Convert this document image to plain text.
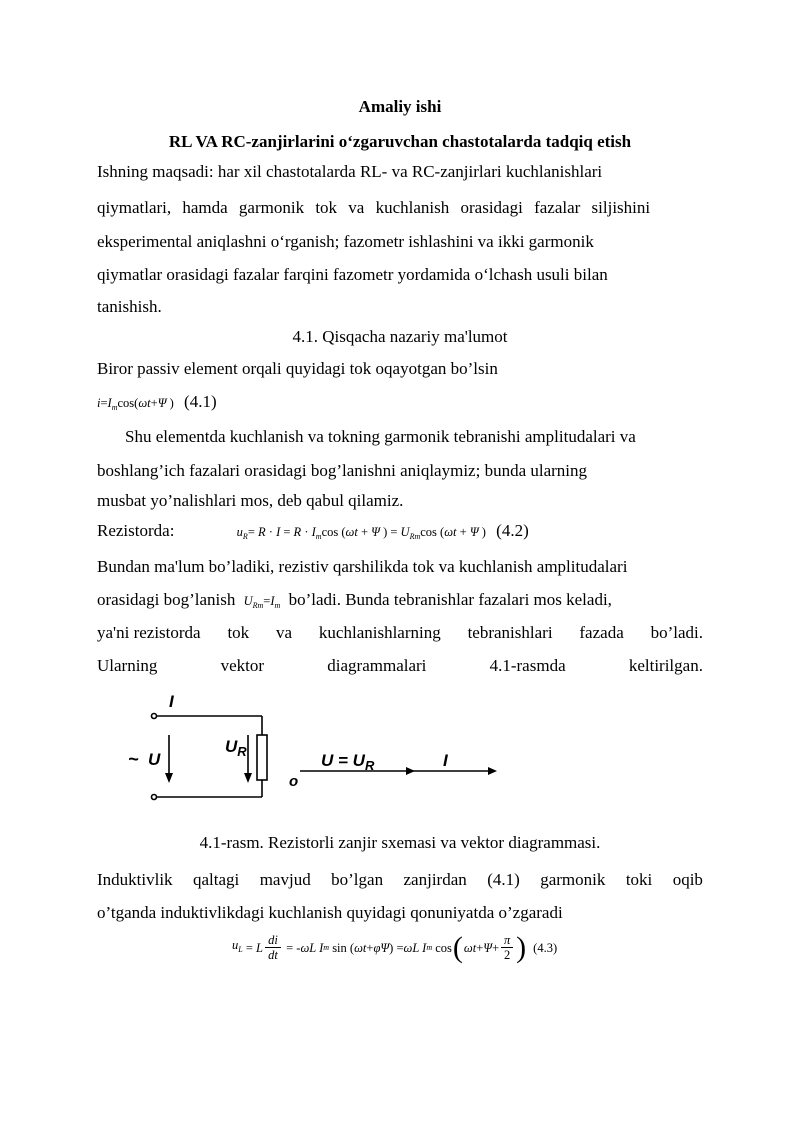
Amaliy ishi
RL VA RC-zanjirlarini o‘zgaruvchan chastotalarda tadqiq etish
Ishning maqsadi: har xil chastotalarda RL- va RC-zanjirlari kuchlanishlari
qiymatlari, hamda garmonik tok va kuchlanish orasidagi fazalar siljishini
eksperimental aniqlashni o‘rganish; fazometr ishlashini va ikki garmonik
qiymatlar orasidagi fazalar farqini fazometr yordamida o‘lchash usuli bilan
tanishish.
4.1. Qisqacha nazariy ma'lumot
Biror passiv element orqali quyidagi tok oqayotgan bo’lsin
$i=I_m\cos(\omega t+\Psi$ ) (4.1)
Shu elementda kuchlanish va tokning garmonik tebranishi amplitudalari va
boshlang’ich fazalari orasidagi bog’lanishni aniqlaymiz; bunda ularning
musbat yo’nalishlari mos, deb qabul qilamiz.
Rezistorda:	$u_R= R \cdot I = R \cdot I_m\cos$ (ωt + Ψ ) = $U_{Rm}\cos$ (ωt + Ψ ) (4.2)
Bundan ma'lum bo’ladiki, rezistiv qarshilikda tok va kuchlanish amplitudalari
orasidagi bog’lanish $U_{Rm}=I_m$ bo’ladi. Bunda tebranishlar fazalari mos keladi,
ya'ni rezistorda tok va kuchlanishlarning tebranishlari fazada bo’ladi.
Ularning	vektor	diagrammalari	4.1-rasmda	keltirilgan.
I
~ U
$U_R$
o
$U = U_R$	I
4.1-rasm. Rezistorli zanjir sxemasi va vektor diagrammasi.
Induktivlik qaltagi mavjud bo’lgan zanjirdan (4.1) garmonik toki oqib
o’tganda induktivlikdagi kuchlanish quyidagi qonuniyatda o’zgaradi
$u_L = L \frac{di}{dt}$ = - ωL I m sin ( ωt + φΨ ) = ωL I m cos ( $\omega t + \Psi + \frac{\pi}{2}$ ) (4.3)
